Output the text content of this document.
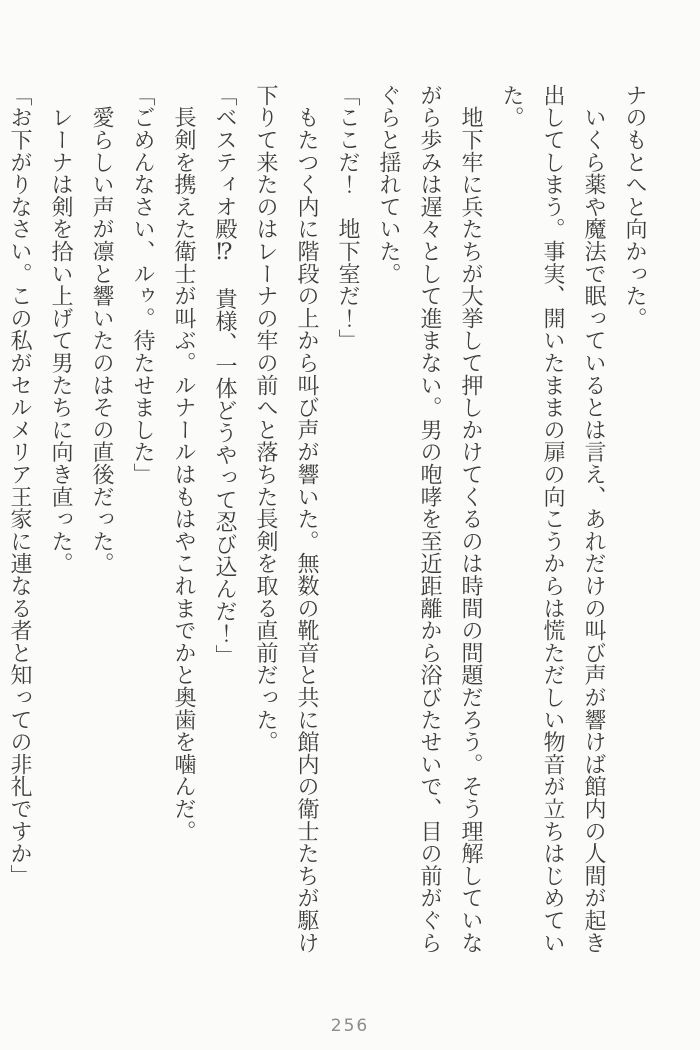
ナのもとへと向かった。

　いくら薬や魔法で眠っているとは言え、あれだけの叫び声が響けば館内の人間が起き出してしまう。事実、開いたままの扉の向こうからは慌ただしい物音が立ちはじめていた。

　地下牢に兵たちが大挙して押しかけてくるのは時間の問題だろう。そう理解していながら歩みは遅々として進まない。男の咆哮を至近距離から浴びたせいで、目の前がぐらぐらと揺れていた。

「ここだ！　地下室だ！」

　もたつく内に階段の上から叫び声が響いた。無数の靴音と共に館内の衛士たちが駆け下りて来たのはレーナの牢の前へと落ちた長剣を取る直前だった。

「ベスティオ殿⁉　貴様、一体どうやって忍び込んだ！」

　長剣を携えた衛士が叫ぶ。ルナールはもはやこれまでかと奥歯を噛んだ。

「ごめんなさい、ルゥ。待たせました」

　愛らしい声が凛と響いたのはその直後だった。

　レーナは剣を拾い上げて男たちに向き直った。

「お下がりなさい。この私がセルメリア王家に連なる者と知っての非礼ですか」

256
